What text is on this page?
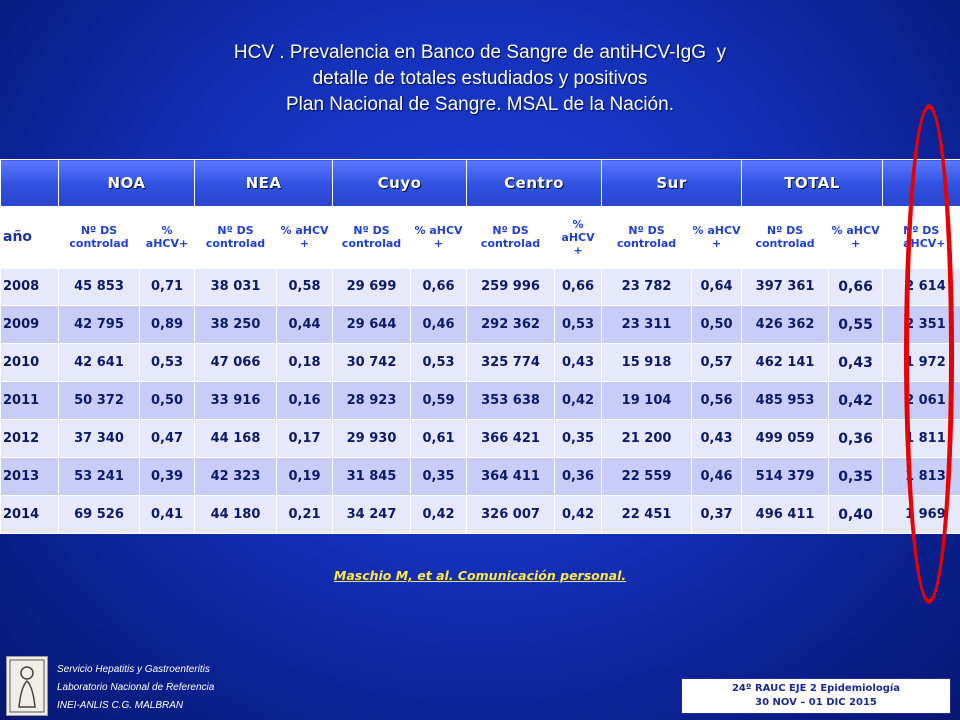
HCV . Prevalencia en Banco de Sangre de antiHCV-IgG  y
detalle de totales estudiados y positivos
Plan Nacional de Sangre. MSAL de la Nación.
	NOA		NEA		Cuyo		Centro		Sur		TOTAL		
año	Nº DS controlad	% aHCV+	Nº DS controlad	% aHCV +	Nº DS controlad	% aHCV +	Nº DS controlad	% aHCV +	Nº DS controlad	% aHCV +	Nº DS controlad	% aHCV +	Nº DS aHCV+
2008	45 853	0,71	38 031	0,58	29 699	0,66	259 996	0,66	23 782	0,64	397 361	0,66	2 614
2009	42 795	0,89	38 250	0,44	29 644	0,46	292 362	0,53	23 311	0,50	426 362	0,55	2 351
2010	42 641	0,53	47 066	0,18	30 742	0,53	325 774	0,43	15 918	0,57	462 141	0,43	1 972
2011	50 372	0,50	33 916	0,16	28 923	0,59	353 638	0,42	19 104	0,56	485 953	0,42	2 061
2012	37 340	0,47	44 168	0,17	29 930	0,61	366 421	0,35	21 200	0,43	499 059	0,36	1 811
2013	53 241	0,39	42 323	0,19	31 845	0,35	364 411	0,36	22 559	0,46	514 379	0,35	1 813
2014	69 526	0,41	44 180	0,21	34 247	0,42	326 007	0,42	22 451	0,37	496 411	0,40	1 969
Maschio M, et al. Comunicación personal.
Servicio Hepatitis y Gastroenteritis
Laboratorio Nacional de Referencia
INEI-ANLIS C.G. MALBRAN
24º RAUC EJE 2 Epidemiología
30 NOV – 01 DIC 2015
